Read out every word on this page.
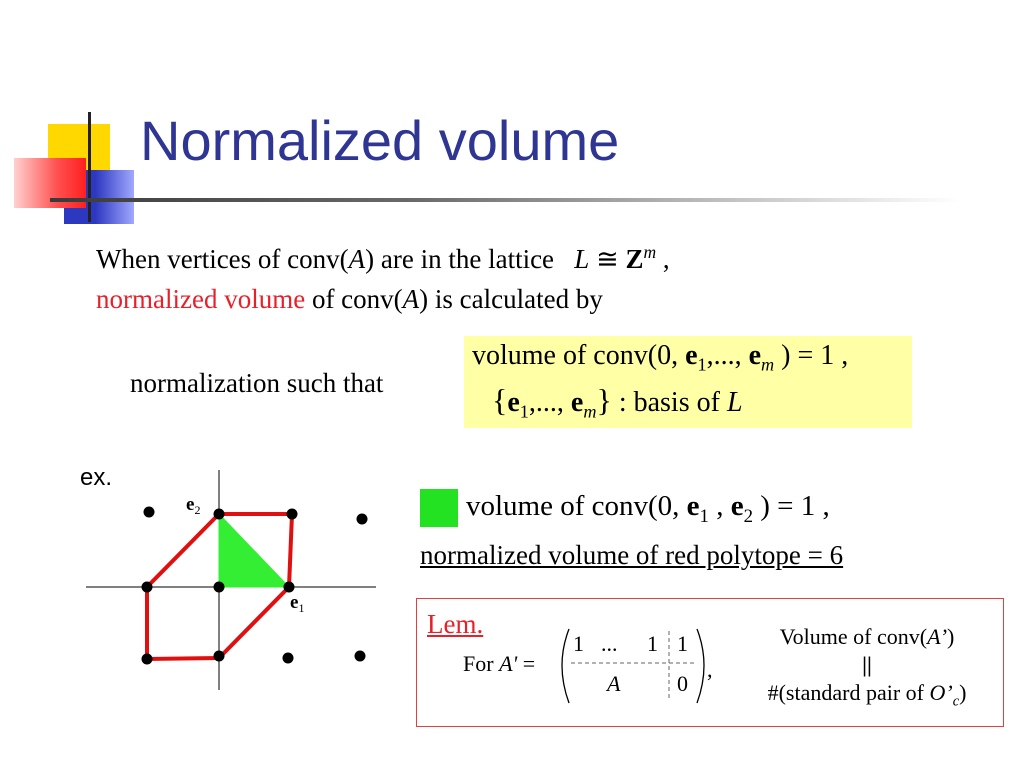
Normalized volume
When vertices of conv(A) are in the lattice L ≅ $Z^m$ ,
normalized volume of conv(A) is calculated by
normalization such that
volume of conv(0, $e_1$,..., $e_m$ ) = 1 ,
{$e_1$,..., $e_m$} : basis of L
ex.
$e_2$
$e_1$
volume of conv(0, $e_1$ , $e_2$ ) = 1 ,
normalized volume of red polytope = 6
Lem.
For A' =
1 ... 1 1
A	0
,
Volume of conv(A’)
||
#(standard pair of $O’_c$)
